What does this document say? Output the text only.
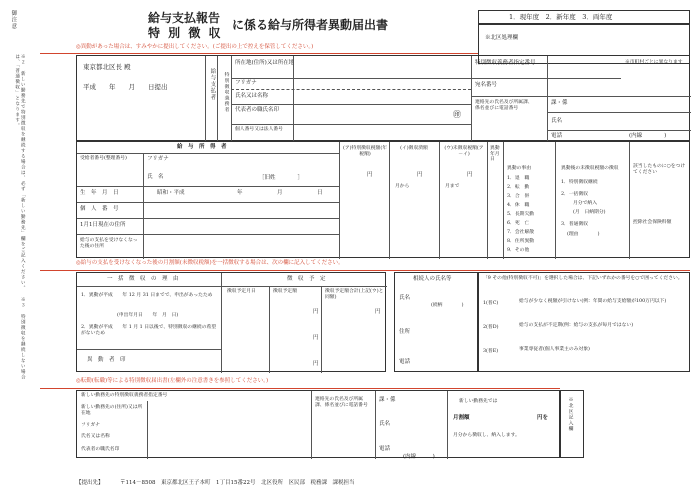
御注意
※２ 新しい勤務先で特別徴収を継続する場合は、必ず「新しい勤務先」欄をご記入ください。 ※３ 特別徴収を継続しない場合は、「普通徴収」となります。
給与支払報告
特 別 徴 収
に係る給与所得者異動届出書
1．現年度　2．新年度　3．両年度
※北区処理欄
◎異動があった場合は、すみやかに提出してください。(ご提出の上で控えを保管してください。)
東京都北区長 殿
平成　　年　　月　　日提出	給与支払者 特別徴収義務者
所在地(住所)又は所在地
フリガナ
氏名又は名称
代表者の職氏名印	㊞
個人番号又は法人番号
特別徴収義務者指定番号
宛名番号
※市町村ごとに異なります
連絡先の氏名及び所属課、係名並びに電話番号
課・係
氏名
電話	(内線　　　　)
給　与　所　得　者
受給者番号(整理番号)	フリガナ
氏　名	［旧姓　　　　］
生　年　月　日	昭和・平成	年	月	日
個　人　番　号
1月1日現在の住所
給与の支払を受けなくなった後の住所
(ア)特別徴収税額(年税額)
円
(イ)徴収済額
円
月から
(ウ)未徴収税額(ア－イ)
円
月まで
異動年月日
異動の事由
1．退　職
2．転　勤
3．合　併
4．休　職
5．長期欠勤
6．死　亡
7．会社解散
8．住所異動
9．その他
異動後の未徴収税額の徴収
1．特別徴収継続
2．一括徴収
月分で納入
(月　日納期分)
3．普通徴収
(理由　　　　)
該当したものに○をつけてください
控除社会保険料額
◎給与の支払を受けなくなった後の月割額(未徴収税額)を一括徴収する場合は、次の欄に記入してください。
一　括　徴　収　の　理　由	徴　収　予　定
徴収予定月日	徴収予定額	徴収予定額合計(上記(ウ)と同額)
1．異動が平成　　年 12 月 31 日までで、申出があったため
(申出年月日　　年　月　日)
2．異動が平成　　年 1 月 1 日以後で、特別徴収の継続の希望がないため
異　動　者　印
円
円
円
円
相続人の氏名等
氏名
(続柄　　　　)
住所
電話
「9 その他(特別徴収不可)」を選択した場合は、下記いずれかの番号を○で囲ってください。
1(普C)	給与が少なく税額が引けない(例：年間の給与支給額が100万円以下)
2(普D)	給与の支払が不定期(例：給与の支払が毎月ではない)
3(普E)	事業専従者(個人事業主のみ対象)
◎転勤(転職)等による特別徴収届出書(左欄外の注意書きを参照してください。)
新しい勤務先の特別徴収義務者指定番号
新しい勤務先の(住所)又は所在地
フリガナ
氏名又は名称
代表者の職氏名印
連絡先の氏名及び所属課、係名並びに電話番号
課・係
氏名
電話
(内線　　　)
新しい勤務先では
月割額	円を
月分から徴収し、納入します。
※北区記入欄
【提出先】	〒114－8508　東京都北区王子本町　1丁目15番22号　北区役所　区民部　税務課　課税担当
